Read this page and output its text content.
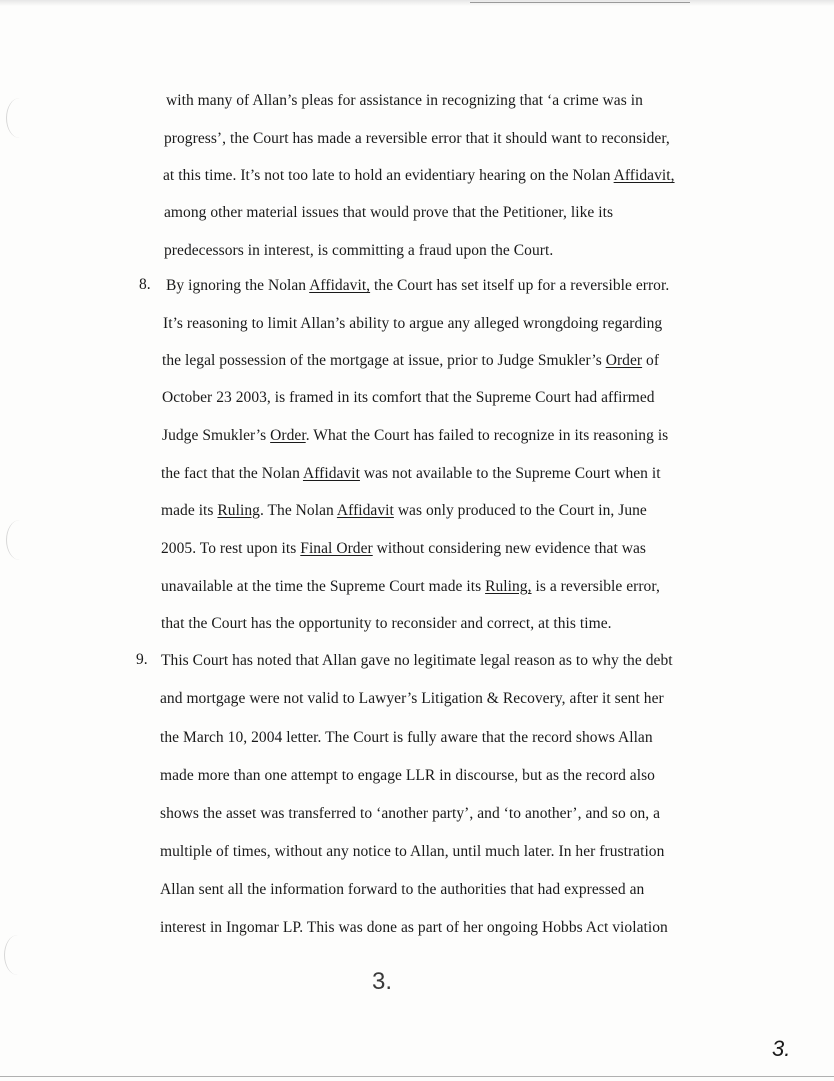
with many of Allan’s pleas for assistance in recognizing that ‘a crime was in
progress’, the Court has made a reversible error that it should want to reconsider,
at this time. It’s not too late to hold an evidentiary hearing on the Nolan Affidavit,
among other material issues that would prove that the Petitioner, like its
predecessors in interest, is committing a fraud upon the Court.
8. By ignoring the Nolan Affidavit, the Court has set itself up for a reversible error.
It’s reasoning to limit Allan’s ability to argue any alleged wrongdoing regarding
the legal possession of the mortgage at issue, prior to Judge Smukler’s Order of
October 23 2003, is framed in its comfort that the Supreme Court had affirmed
Judge Smukler’s Order. What the Court has failed to recognize in its reasoning is
the fact that the Nolan Affidavit was not available to the Supreme Court when it
made its Ruling. The Nolan Affidavit was only produced to the Court in, June
2005. To rest upon its Final Order without considering new evidence that was
unavailable at the time the Supreme Court made its Ruling, is a reversible error,
that the Court has the opportunity to reconsider and correct, at this time.
9. This Court has noted that Allan gave no legitimate legal reason as to why the debt
and mortgage were not valid to Lawyer’s Litigation & Recovery, after it sent her
the March 10, 2004 letter. The Court is fully aware that the record shows Allan
made more than one attempt to engage LLR in discourse, but as the record also
shows the asset was transferred to ‘another party’, and ‘to another’, and so on, a
multiple of times, without any notice to Allan, until much later. In her frustration
Allan sent all the information forward to the authorities that had expressed an
interest in Ingomar LP. This was done as part of her ongoing Hobbs Act violation
3.
3.
